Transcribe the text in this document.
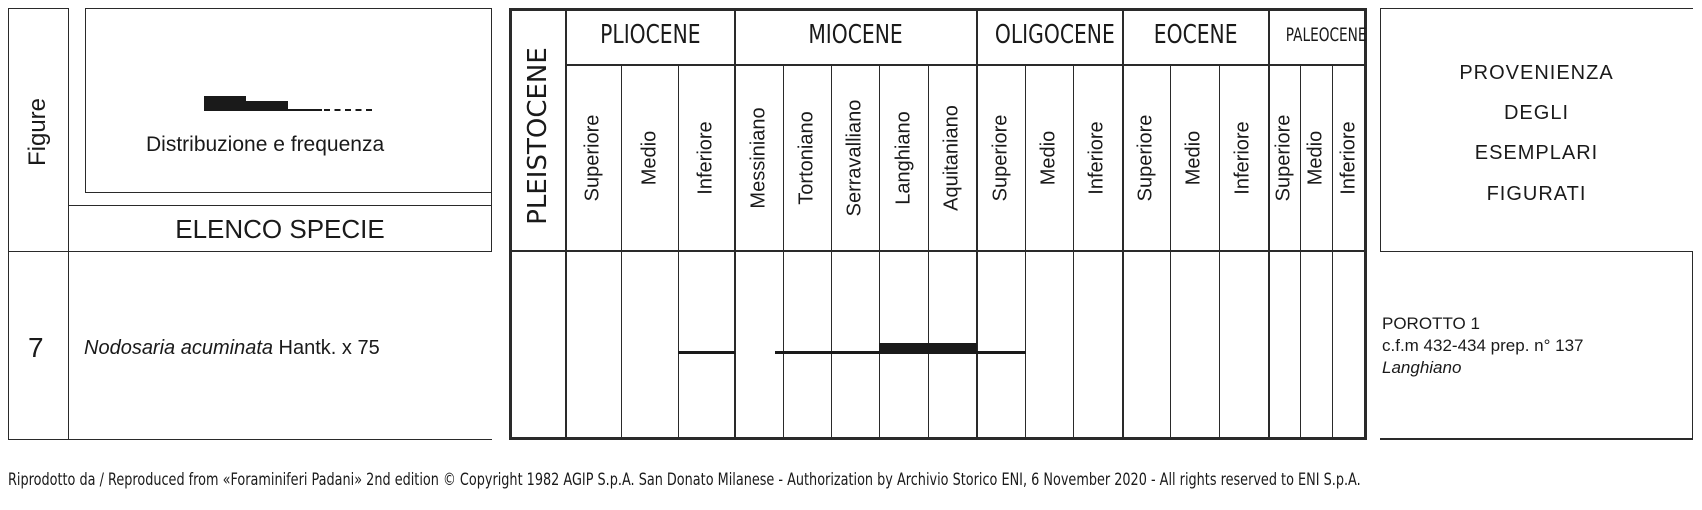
Figure	Distribuzione e frequenza
ELENCO SPECIE
7 Nodosaria acuminata Hantk. x 75
PLEISTOCENE
PLIOCENE	MIOCENE	OLIGOCENE	EOCENE	PALEOCENE
Superiore Medio Inferiore Messiniano Tortoniano Serravalliano Langhiano Aquitaniano Superiore Medio Inferiore Superiore Medio Inferiore Superiore Medio Inferiore
PROVENIENZA
DEGLI
ESEMPLARI
FIGURATI
POROTTO 1
c.f.m 432-434 prep. n° 137
Langhiano
Riprodotto da / Reproduced from «Foraminiferi Padani» 2nd edition © Copyright 1982 AGIP S.p.A. San Donato Milanese - Authorization by Archivio Storico ENI, 6 November 2020 - All rights reserved to ENI S.p.A.
